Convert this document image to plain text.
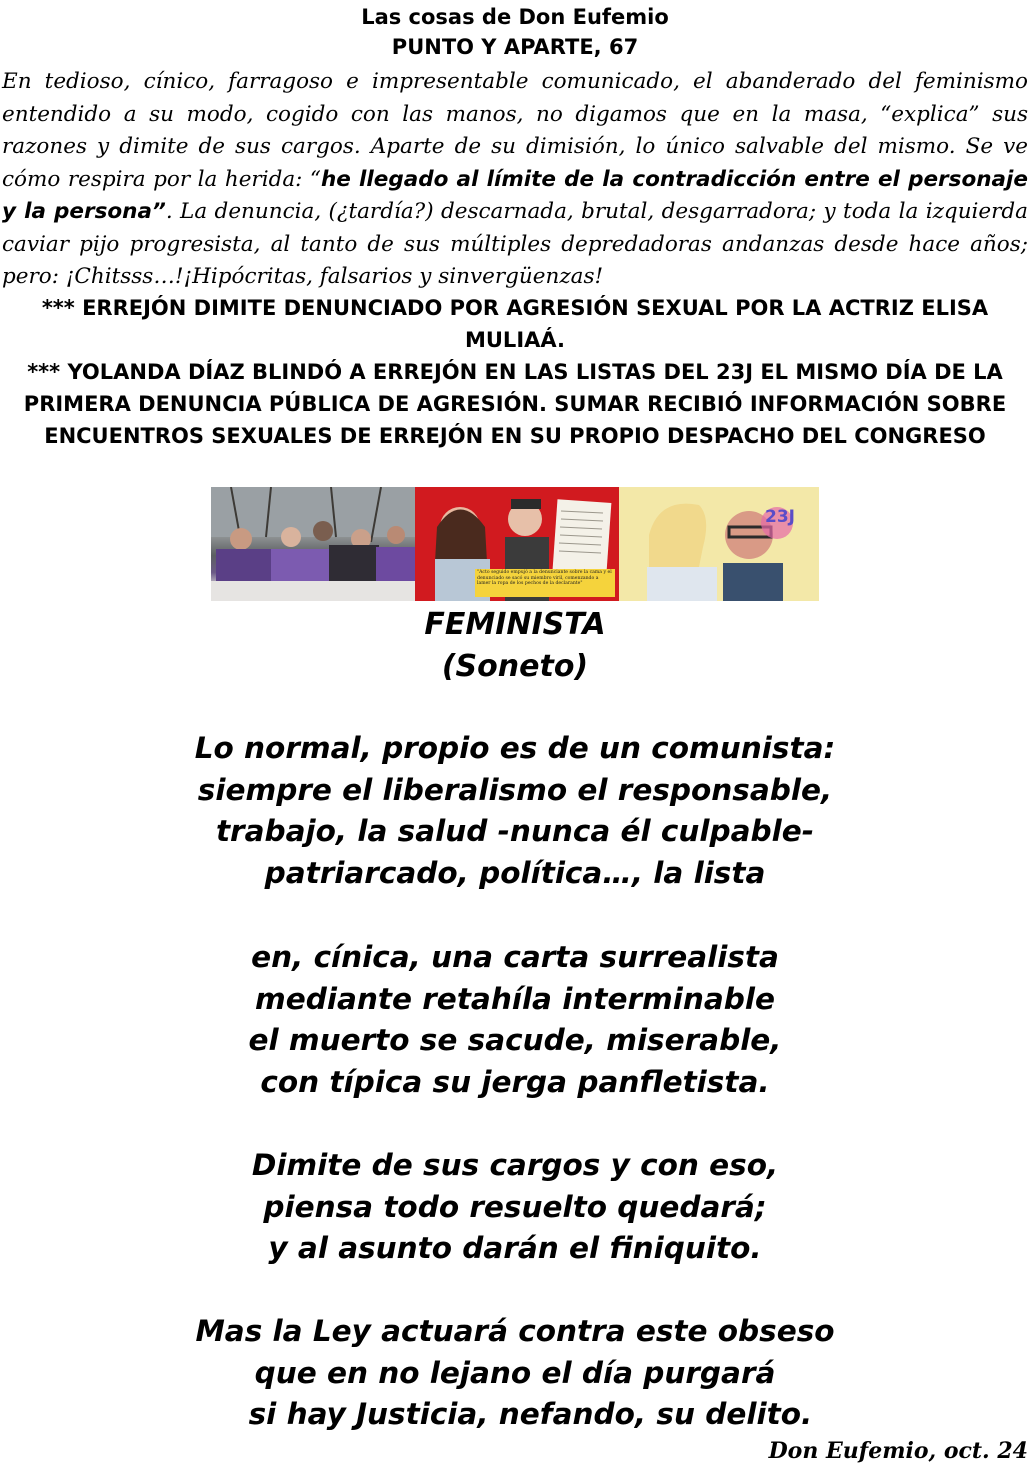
Las cosas de Don Eufemio
PUNTO Y APARTE, 67
En tedioso, cínico, farragoso e impresentable comunicado, el abanderado del feminismo entendido a su modo, cogido con las manos, no digamos que en la masa, “explica” sus razones y dimite de sus cargos. Aparte de su dimisión, lo único salvable del mismo. Se ve cómo respira por la herida: “he llegado al límite de la contradicción entre el personaje y la persona”. La denuncia, (¿tardía?) descarnada, brutal, desgarradora; y toda la izquierda caviar pijo progresista, al tanto de sus múltiples depredadoras andanzas desde hace años; pero: ¡Chitsss…!¡Hipócritas, falsarios y sinvergüenzas!
*** ERREJÓN DIMITE DENUNCIADO POR AGRESIÓN SEXUAL POR LA ACTRIZ ELISA MULIAÁ.
*** YOLANDA DÍAZ BLINDÓ A ERREJÓN EN LAS LISTAS DEL 23J EL MISMO DÍA DE LA PRIMERA DENUNCIA PÚBLICA DE AGRESIÓN. SUMAR RECIBIÓ INFORMACIÓN SOBRE ENCUENTROS SEXUALES DE ERREJÓN EN SU PROPIO DESPACHO DEL CONGRESO
"Acto seguido empujó a la denunciante sobre la cama y el denunciado se sacó su miembro viril, comenzando a lamer la ropa de los pechos de la declarante"
23J
FEMINISTA
(Soneto)
Lo normal, propio es de un comunista:
siempre el liberalismo el responsable,
trabajo, la salud -nunca él culpable-
patriarcado, política…, la lista
en, cínica, una carta surrealista
mediante retahíla interminable
el muerto se sacude, miserable,
con típica su jerga panfletista.
Dimite de sus cargos y con eso,
piensa todo resuelto quedará;
y al asunto darán el finiquito.
Mas la Ley actuará contra este obseso
que en no lejano el día purgará
si hay Justicia, nefando, su delito.
Don Eufemio, oct. 24
